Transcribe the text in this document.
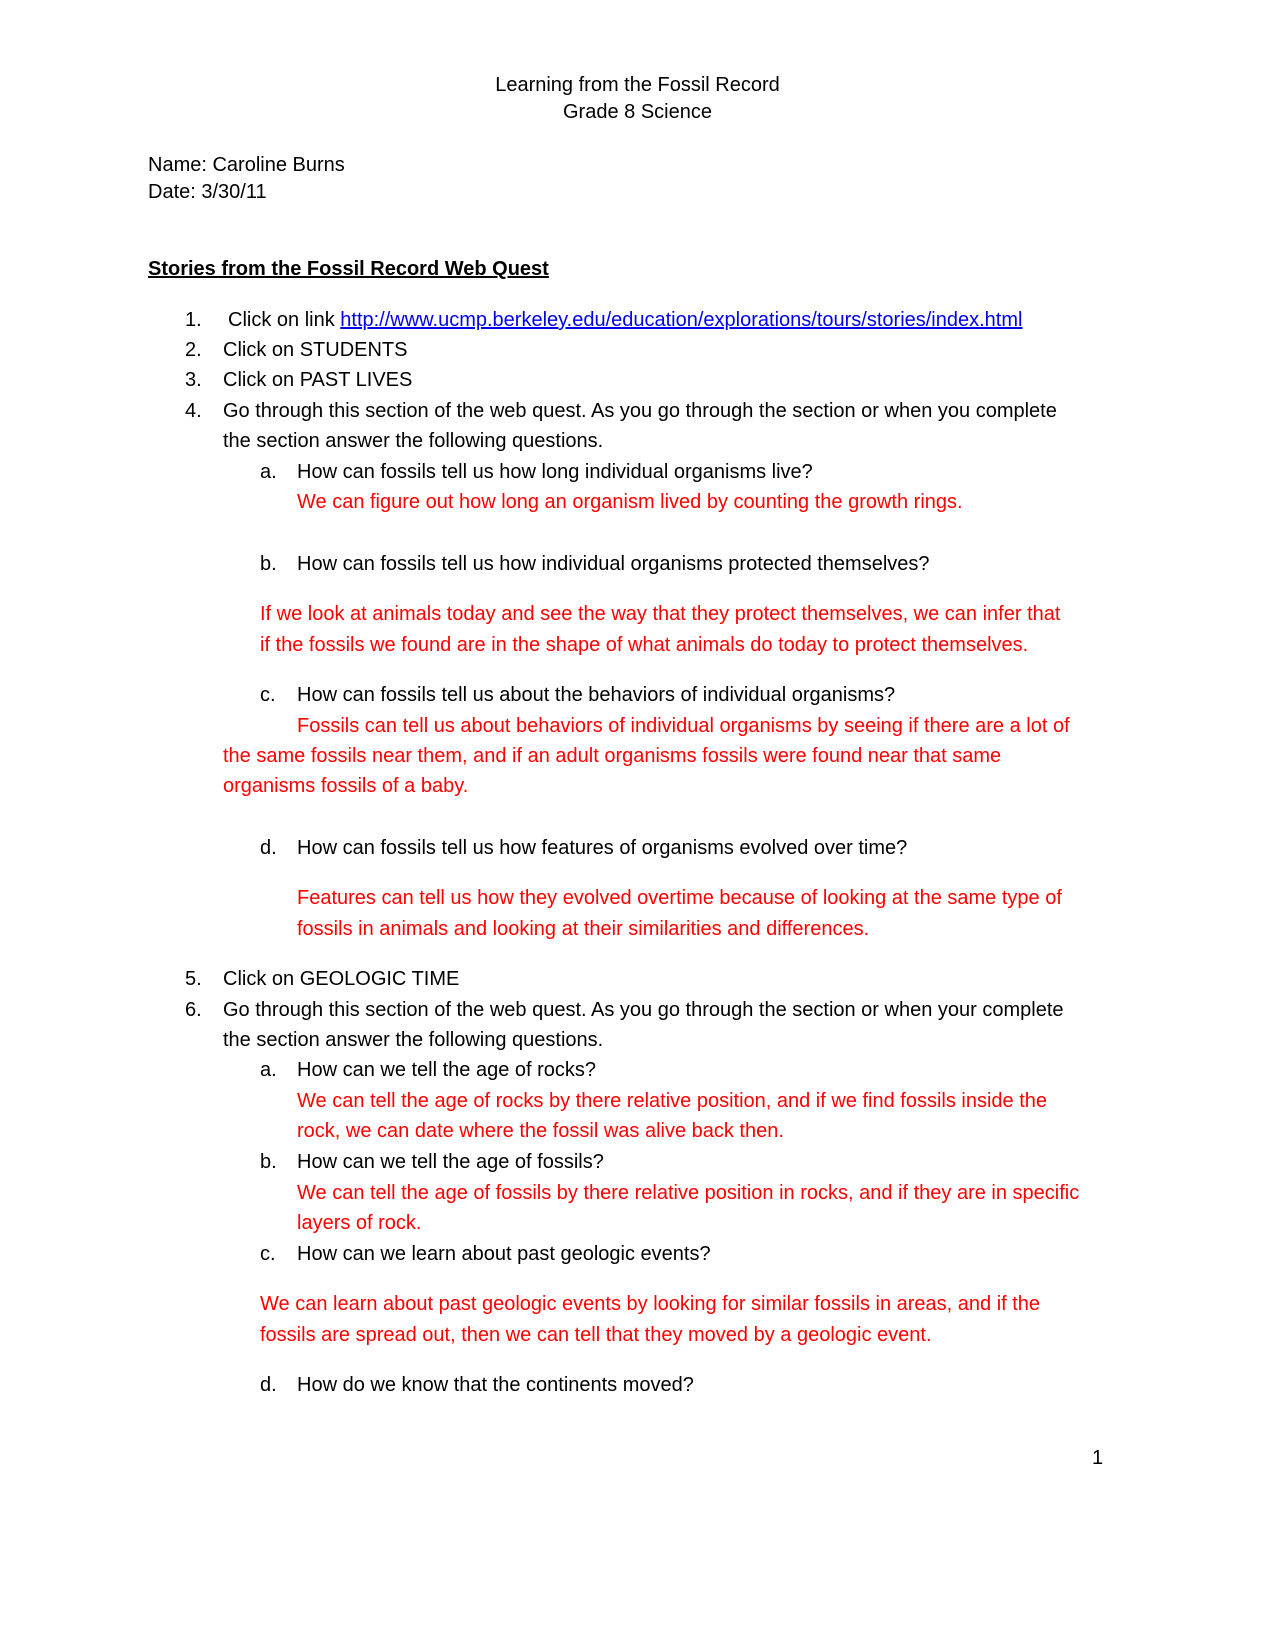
Learning from the Fossil Record
Grade 8 Science
Name: Caroline Burns
Date: 3/30/11
Stories from the Fossil Record Web Quest
1. Click on link http://www.ucmp.berkeley.edu/education/explorations/tours/stories/index.html
2. Click on STUDENTS
3. Click on PAST LIVES
4. Go through this section of the web quest. As you go through the section or when you complete
the section answer the following questions.
a. How can fossils tell us how long individual organisms live?
We can figure out how long an organism lived by counting the growth rings.
b. How can fossils tell us how individual organisms protected themselves?
If we look at animals today and see the way that they protect themselves, we can infer that
if the fossils we found are in the shape of what animals do today to protect themselves.
c. How can fossils tell us about the behaviors of individual organisms?
Fossils can tell us about behaviors of individual organisms by seeing if there are a lot of
the same fossils near them, and if an adult organisms fossils were found near that same
organisms fossils of a baby.
d. How can fossils tell us how features of organisms evolved over time?
Features can tell us how they evolved overtime because of looking at the same type of
fossils in animals and looking at their similarities and differences.
5. Click on GEOLOGIC TIME
6. Go through this section of the web quest. As you go through the section or when your complete
the section answer the following questions.
a. How can we tell the age of rocks?
We can tell the age of rocks by there relative position, and if we find fossils inside the
rock, we can date where the fossil was alive back then.
b. How can we tell the age of fossils?
We can tell the age of fossils by there relative position in rocks, and if they are in specific
layers of rock.
c. How can we learn about past geologic events?
We can learn about past geologic events by looking for similar fossils in areas, and if the
fossils are spread out, then we can tell that they moved by a geologic event.
d. How do we know that the continents moved?
1
